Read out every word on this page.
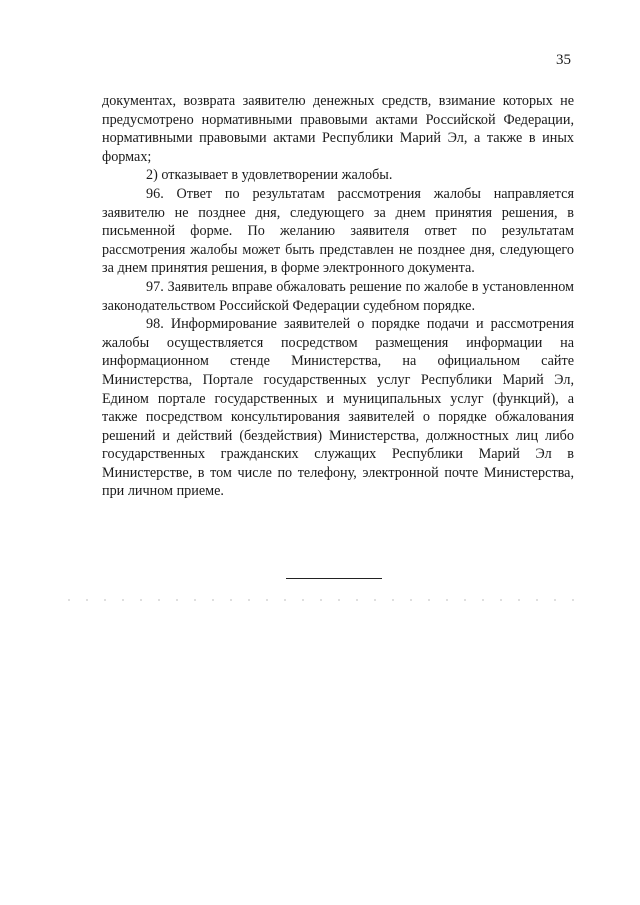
35

документах, возврата заявителю денежных средств, взимание которых не предусмотрено нормативными правовыми актами Российской Федерации, нормативными правовыми актами Республики Марий Эл, а также в иных формах;

2) отказывает в удовлетворении жалобы.

96. Ответ по результатам рассмотрения жалобы направляется заявителю не позднее дня, следующего за днем принятия решения, в письменной форме. По желанию заявителя ответ по результатам рассмотрения жалобы может быть представлен не позднее дня, следующего за днем принятия решения, в форме электронного документа.

97. Заявитель вправе обжаловать решение по жалобе в установленном законодательством Российской Федерации судебном порядке.

98. Информирование заявителей о порядке подачи и рассмотрения жалобы осуществляется посредством размещения информации на информационном стенде Министерства, на официальном сайте Министерства, Портале государственных услуг Республики Марий Эл, Едином портале государственных и муниципальных услуг (функций), а также посредством консультирования заявителей о порядке обжалования решений и действий (бездействия) Министерства, должностных лиц либо государственных гражданских служащих Республики Марий Эл в Министерстве, в том числе по телефону, электронной почте Министерства, при личном приеме.
